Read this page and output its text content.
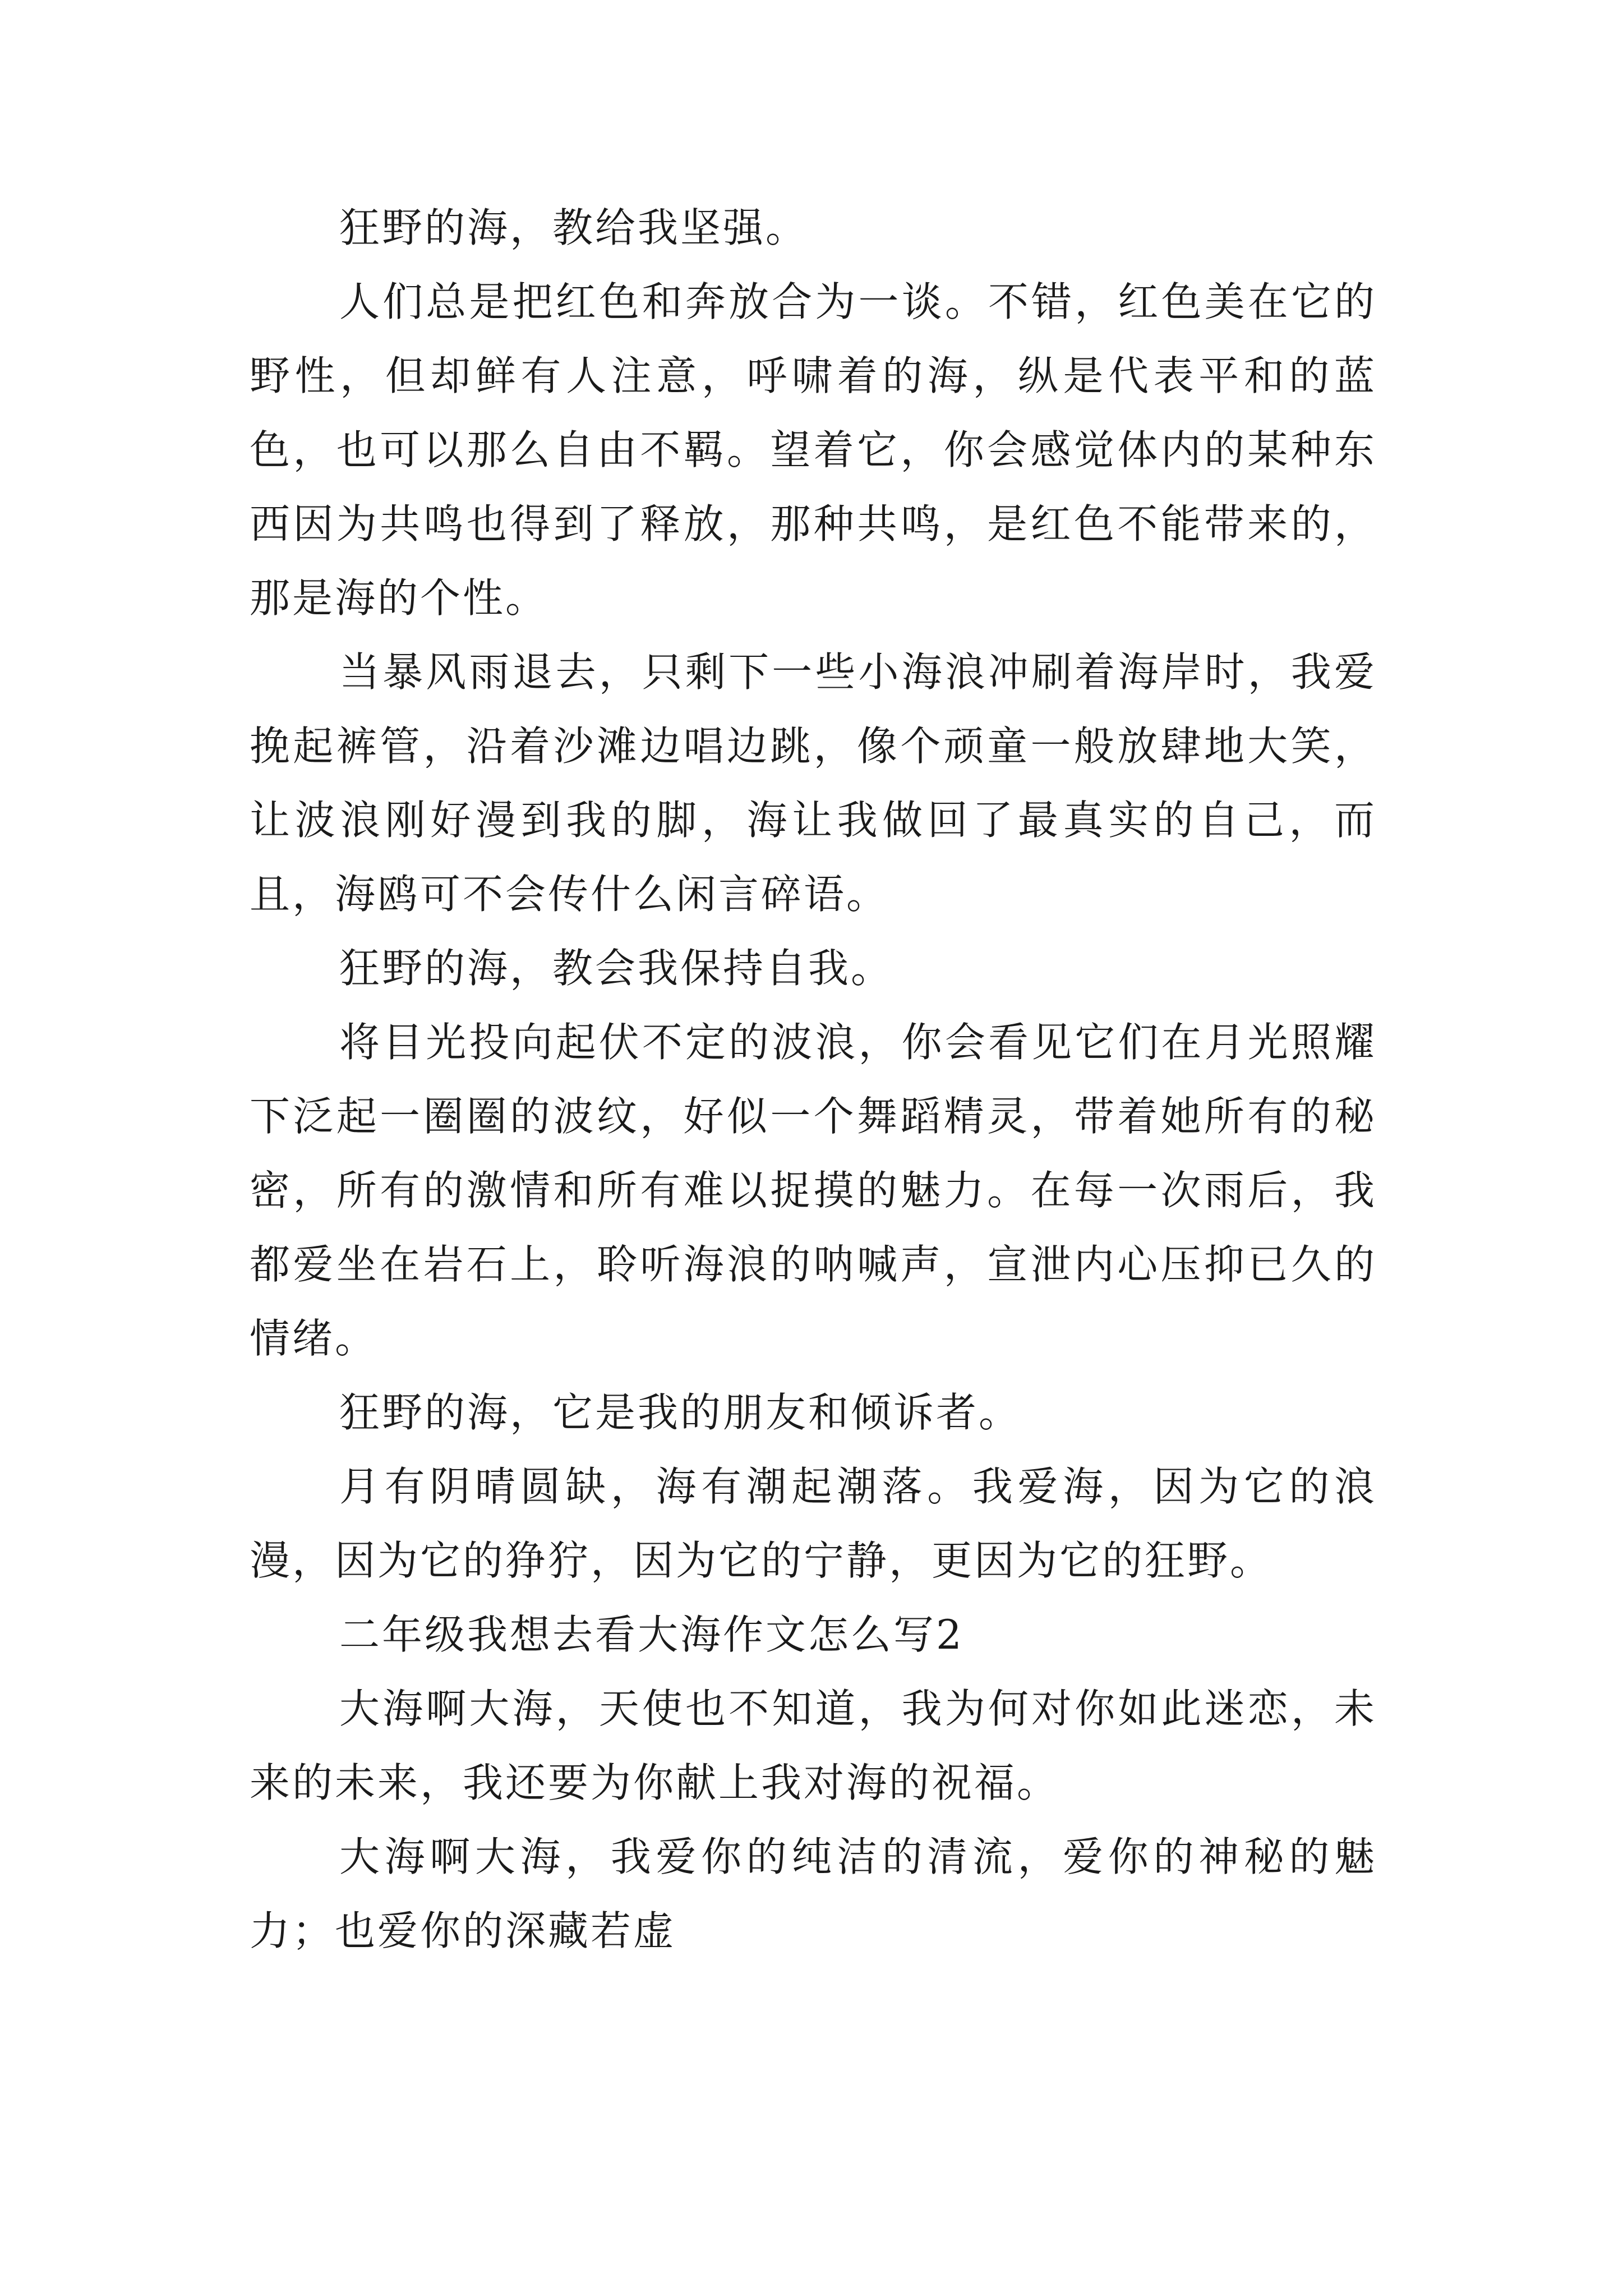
狂野的海，教给我坚强。

人们总是把红色和奔放合为一谈。不错，红色美在它的野性，但却鲜有人注意，呼啸着的海，纵是代表平和的蓝色，也可以那么自由不羁。望着它，你会感觉体内的某种东西因为共鸣也得到了释放，那种共鸣，是红色不能带来的，那是海的个性。

当暴风雨退去，只剩下一些小海浪冲刷着海岸时，我爱挽起裤管，沿着沙滩边唱边跳，像个顽童一般放肆地大笑，让波浪刚好漫到我的脚，海让我做回了最真实的自己，而且，海鸥可不会传什么闲言碎语。

狂野的海，教会我保持自我。

将目光投向起伏不定的波浪，你会看见它们在月光照耀下泛起一圈圈的波纹，好似一个舞蹈精灵，带着她所有的秘密，所有的激情和所有难以捉摸的魅力。在每一次雨后，我都爱坐在岩石上，聆听海浪的呐喊声，宣泄内心压抑已久的情绪。

狂野的海，它是我的朋友和倾诉者。

月有阴晴圆缺，海有潮起潮落。我爱海，因为它的浪漫，因为它的狰狞，因为它的宁静，更因为它的狂野。

二年级我想去看大海作文怎么写2

大海啊大海，天使也不知道，我为何对你如此迷恋，未来的未来，我还要为你献上我对海的祝福。

大海啊大海，我爱你的纯洁的清流，爱你的神秘的魅力；也爱你的深藏若虚
